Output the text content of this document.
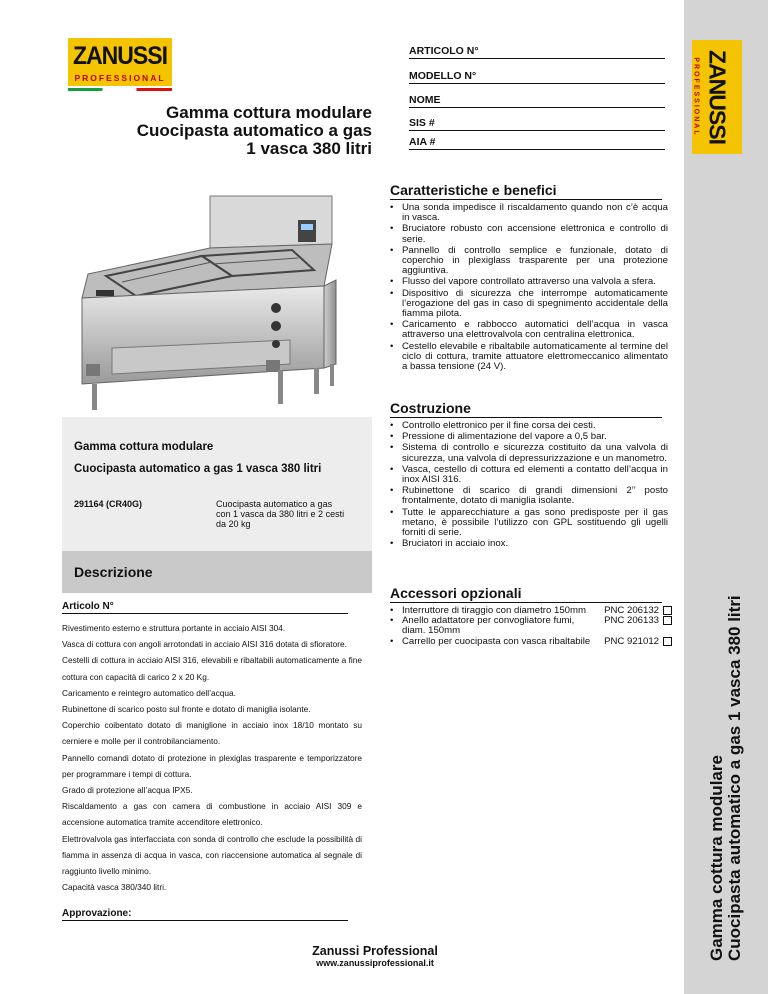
ZANUSSI
PROFESSIONAL
ARTICOLO N°
MODELLO N°
NOME
SIS #
AIA #
Gamma cottura modulare
Cuocipasta automatico a gas
1 vasca 380 litri
ZANUSSI
PROFESSIONAL
Gamma cottura modulare Cuocipasta automatico a gas 1 vasca 380 litri
Gamma cottura modulare
Cuocipasta automatico a gas 1 vasca 380 litri
291164 (CR40G)	Cuocipasta automatico a gas con 1 vasca da 380 litri e 2 cesti da 20 kg
Descrizione
Articolo N°

Rivestimento esterno e struttura portante in acciaio AISI 304.

Vasca di cottura con angoli arrotondati in acciaio AISI 316 dotata di sfioratore.

Cestelli di cottura in acciaio AISI 316, elevabili e ribaltabili automaticamente a fine cottura con capacità di carico 2 x 20 Kg.

Caricamento e reintegro automatico dell’acqua.

Rubinettone di scarico posto sul fronte e dotato di maniglia isolante.

Coperchio coibentato dotato di maniglione in acciaio inox 18/10 montato su cerniere e molle per il controbilanciamento.

Pannello comandi dotato di protezione in plexiglas trasparente e temporizzatore per programmare i tempi di cottura.

Grado di protezione all’acqua IPX5.

Riscaldamento a gas con camera di combustione in acciaio AISI 309 e accensione automatica tramite accenditore elettronico.

Elettrovalvola gas interfacciata con sonda di controllo che esclude la possibilità di fiamma in assenza di acqua in vasca, con riaccensione automatica al segnale di raggiunto livello minimo.

Capacità vasca 380/340 litri.

Approvazione:
Caratteristiche e benefici
• Una sonda impedisce il riscaldamento quando non c’è acqua in vasca.
• Bruciatore robusto con accensione elettronica e controllo di serie.
• Pannello di controllo semplice e funzionale, dotato di coperchio in plexiglass trasparente per una protezione aggiuntiva.
• Flusso del vapore controllato attraverso una valvola a sfera.
• Dispositivo di sicurezza che interrompe automaticamente l’erogazione del gas in caso di spegnimento accidentale della fiamma pilota.
• Caricamento e rabbocco automatici dell’acqua in vasca attraverso una elettrovalvola con centralina elettronica.
• Cestello elevabile e ribaltabile automaticamente al termine del ciclo di cottura, tramite attuatore elettromeccanico alimentato a bassa tensione (24 V).
Costruzione
• Controllo elettronico per il fine corsa dei cesti.
• Pressione di alimentazione del vapore a 0,5 bar.
• Sistema di controllo e sicurezza costituito da una valvola di sicurezza, una valvola di depressurizzazione e un manometro.
• Vasca, cestello di cottura ed elementi a contatto dell’acqua in inox AISI 316.
• Rubinettone di scarico di grandi dimensioni 2’’ posto frontalmente, dotato di maniglia isolante.
• Tutte le apparecchiature a gas sono predisposte per il gas metano, è possibile l’utilizzo con GPL sostituendo gli ugelli forniti di serie.
• Bruciatori in acciaio inox.
Accessori opzionali
• Interruttore di tiraggio con diametro 150mm	PNC 206132
• Anello adattatore per convogliatore fumi, diam. 150mm
PNC 206133
• Carrello per cuocipasta con vasca ribaltabile PNC 921012
Zanussi Professional
www.zanussiprofessional.it
